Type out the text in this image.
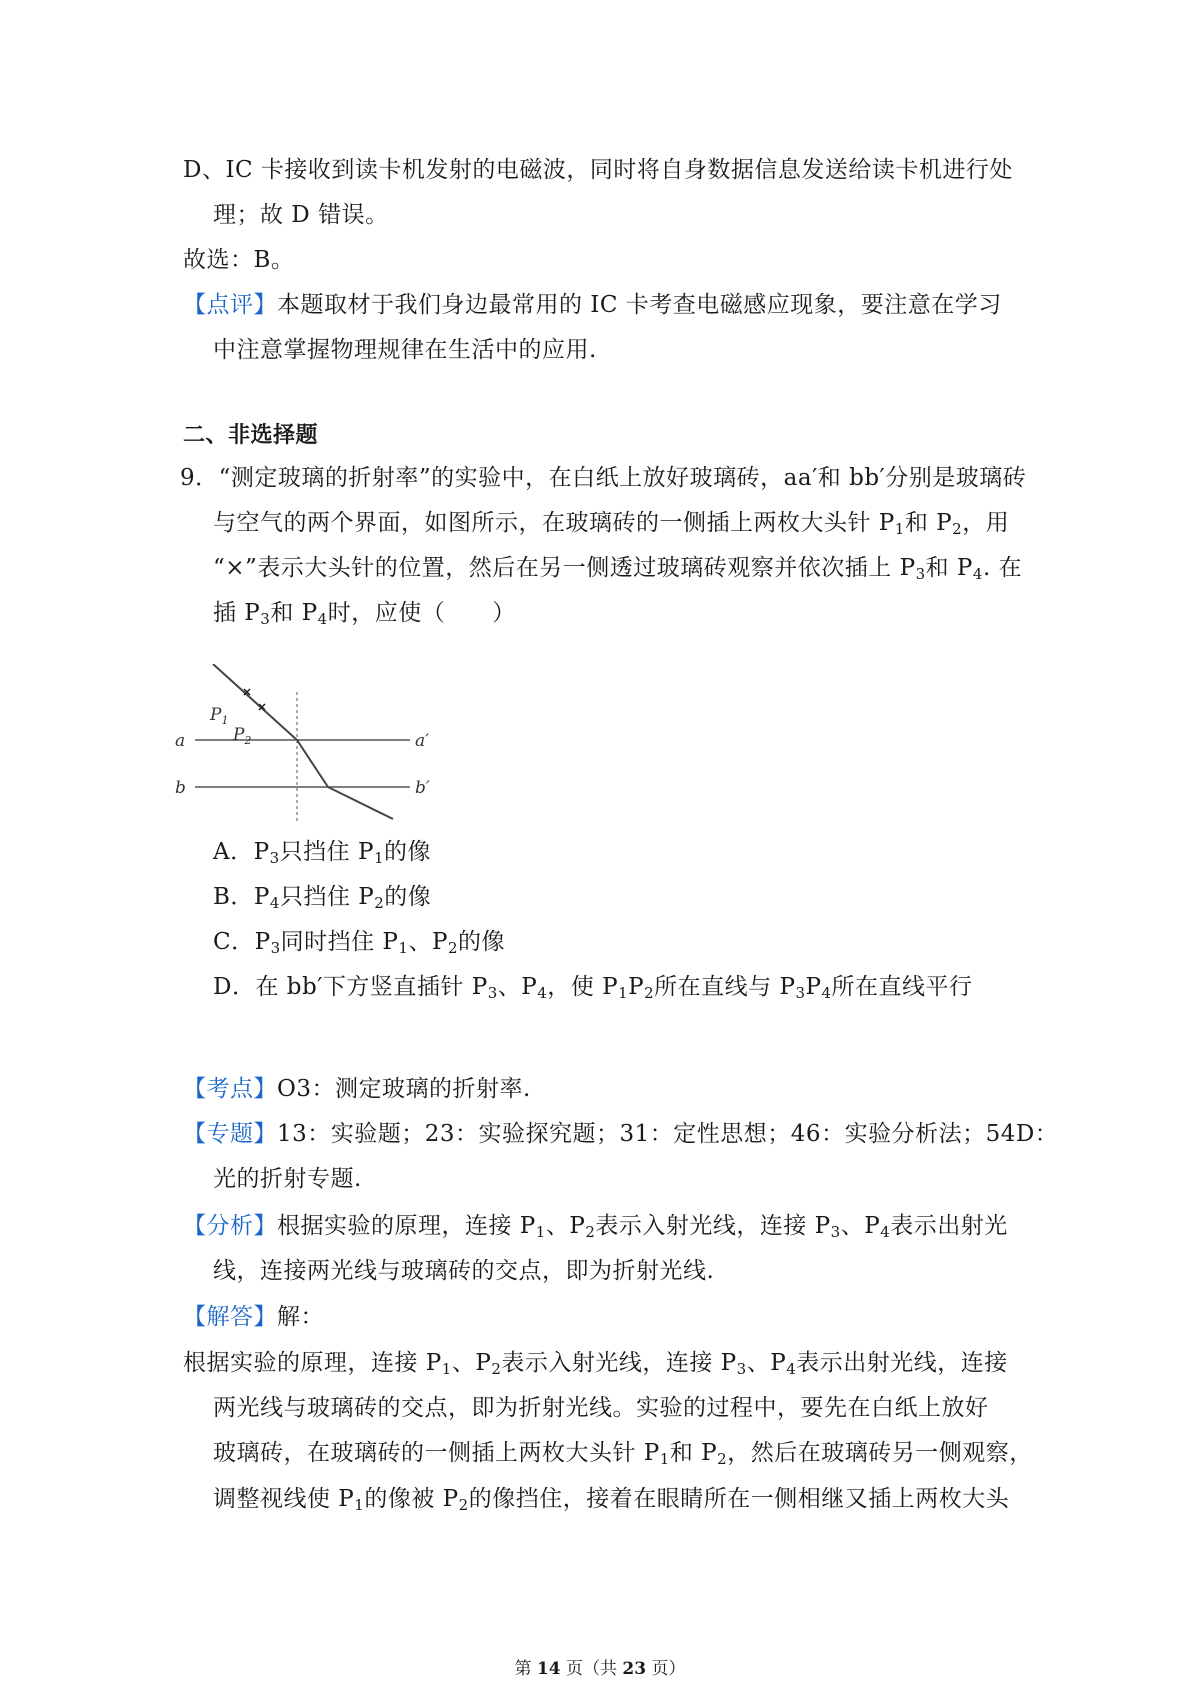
D、IC 卡接收到读卡机发射的电磁波，同时将自身数据信息发送给读卡机进行处
理；故 D 错误。
故选：B。
【点评】本题取材于我们身边最常用的 IC 卡考查电磁感应现象，要注意在学习
中注意掌握物理规律在生活中的应用.
二、非选择题
9．“测定玻璃的折射率”的实验中，在白纸上放好玻璃砖，aa′和 bb′分别是玻璃砖
与空气的两个界面，如图所示，在玻璃砖的一侧插上两枚大头针 $P_1$和 $P_2$，用
“×”表示大头针的位置，然后在另一侧透过玻璃砖观察并依次插上 $P_3$和 $P_4$. 在
插 $P_3$和 $P_4$时，应使（　　）
$P_1$
$P_2$
a	a′
b	b′
A．$P_3$只挡住 $P_1$的像
B．$P_4$只挡住 $P_2$的像
C．$P_3$同时挡住 $P_1$、$P_2$的像
D．在 bb′下方竖直插针 $P_3$、$P_4$，使 $P_1P_2$所在直线与 $P_3P_4$所在直线平行
【考点】O3：测定玻璃的折射率.
【专题】13：实验题；23：实验探究题；31：定性思想；46：实验分析法；54D：
光的折射专题.
【分析】根据实验的原理，连接 $P_1$、$P_2$表示入射光线，连接 $P_3$、$P_4$表示出射光
线，连接两光线与玻璃砖的交点，即为折射光线.
【解答】解：
根据实验的原理，连接 $P_1$、$P_2$表示入射光线，连接 $P_3$、$P_4$表示出射光线，连接
两光线与玻璃砖的交点，即为折射光线。实验的过程中，要先在白纸上放好
玻璃砖，在玻璃砖的一侧插上两枚大头针 $P_1$和 $P_2$，然后在玻璃砖另一侧观察，
调整视线使 $P_1$的像被 $P_2$的像挡住，接着在眼睛所在一侧相继又插上两枚大头
第 14 页（共 23 页）
